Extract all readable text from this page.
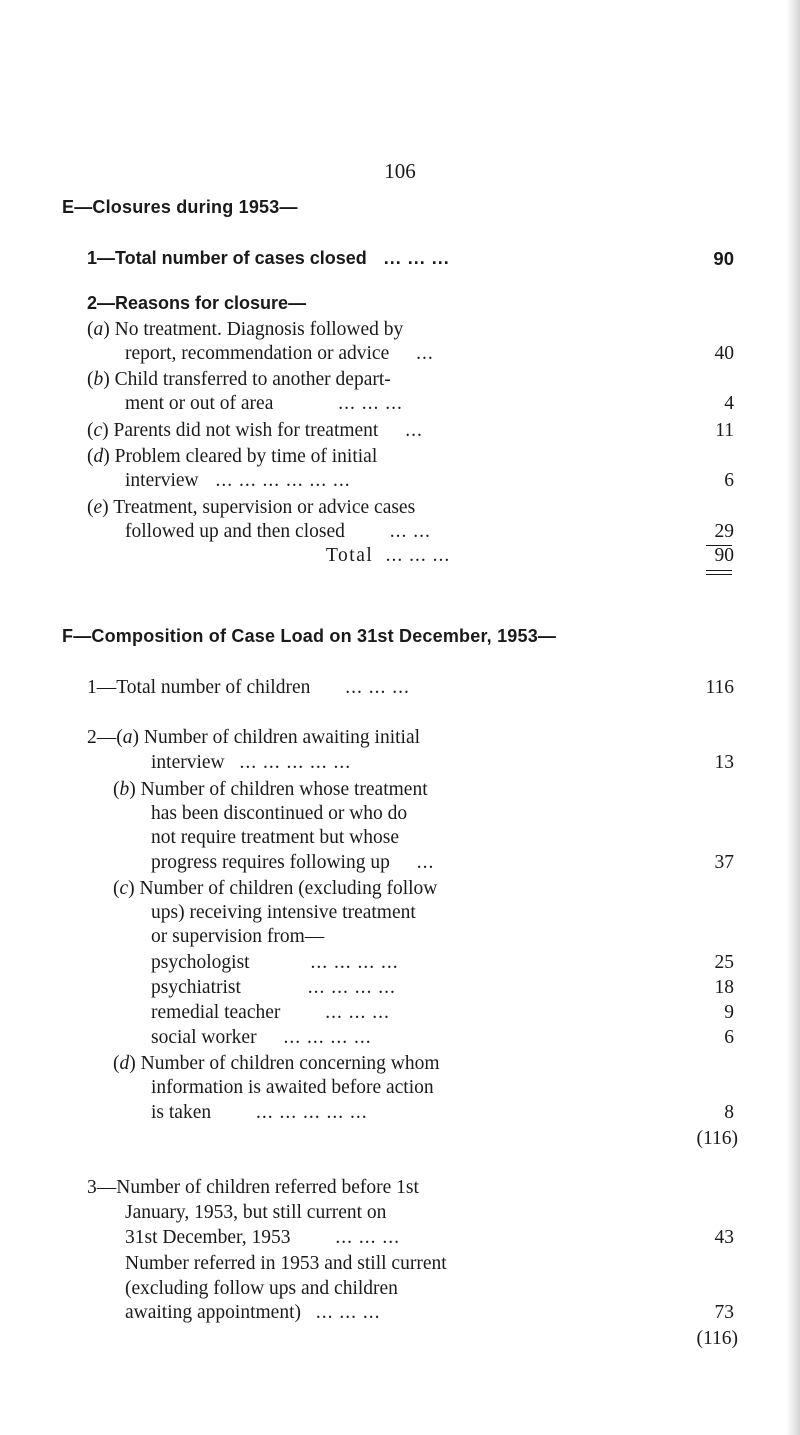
106
E—Closures during 1953—
1—Total number of cases closed ... ... ...	90
2—Reasons for closure—
(a) No treatment. Diagnosis followed by
report, recommendation or advice ...	40
(b) Child transferred to another depart-
ment or out of area	... ... ...	4
(c) Parents did not wish for treatment ...	11
(d) Problem cleared by time of initial
interview ... ... ... ... ... ...	6
(e) Treatment, supervision or advice cases
followed up and then closed ... ...	29
Total ... ... ...	90
F—Composition of Case Load on 31st December, 1953—
1—Total number of children ... ... ...	116
2—(a) Number of children awaiting initial
interview ... ... ... ... ...	13
(b) Number of children whose treatment
has been discontinued or who do
not require treatment but whose
progress requires following up ...	37
(c) Number of children (excluding follow
ups) receiving intensive treatment
or supervision from—
psychologist	... ... ... ...	25
psychiatrist	... ... ... ...	18
remedial teacher ... ... ...	9
social worker ... ... ... ...	6
(d) Number of children concerning whom
information is awaited before action
is taken ... ... ... ... ...	8
(116)
3—Number of children referred before 1st
January, 1953, but still current on
31st December, 1953 ... ... ...	43
Number referred in 1953 and still current
(excluding follow ups and children
awaiting appointment) ... ... ...	73
(116)
